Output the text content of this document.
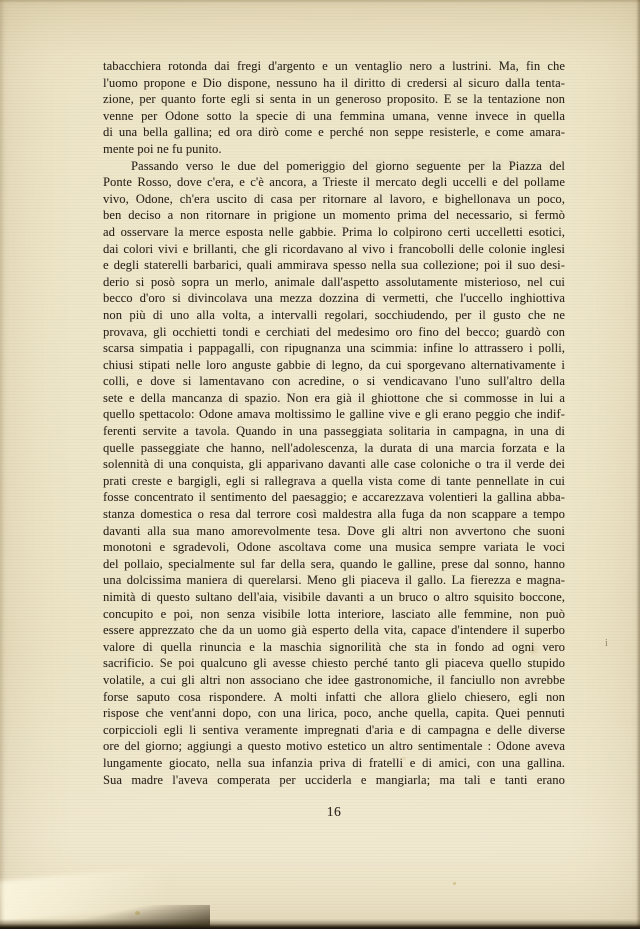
tabacchiera rotonda dai fregi d'argento e un ventaglio nero a lustrini. Ma, fin che
l'uomo propone e Dio dispone, nessuno ha il diritto di credersi al sicuro dalla tenta-
zione, per quanto forte egli si senta in un generoso proposito. E se la tentazione non
venne per Odone sotto la specie di una femmina umana, venne invece in quella
di una bella gallina; ed ora dirò come e perché non seppe resisterle, e come amara-
mente poi ne fu punito.
Passando verso le due del pomeriggio del giorno seguente per la Piazza del
Ponte Rosso, dove c'era, e c'è ancora, a Trieste il mercato degli uccelli e del pollame
vivo, Odone, ch'era uscito di casa per ritornare al lavoro, e bighellonava un poco,
ben deciso a non ritornare in prigione un momento prima del necessario, si fermò
ad osservare la merce esposta nelle gabbie. Prima lo colpirono certi uccelletti esotici,
dai colori vivi e brillanti, che gli ricordavano al vivo i francobolli delle colonie inglesi
e degli staterelli barbarici, quali ammirava spesso nella sua collezione; poi il suo desi-
derio si posò sopra un merlo, animale dall'aspetto assolutamente misterioso, nel cui
becco d'oro si divincolava una mezza dozzina di vermetti, che l'uccello inghiottiva
non più di uno alla volta, a intervalli regolari, socchiudendo, per il gusto che ne
provava, gli occhietti tondi e cerchiati del medesimo oro fino del becco; guardò con
scarsa simpatia i pappagalli, con ripugnanza una scimmia: infine lo attrassero i polli,
chiusi stipati nelle loro anguste gabbie di legno, da cui sporgevano alternativamente i
colli, e dove si lamentavano con acredine, o si vendicavano l'uno sull'altro della
sete e della mancanza di spazio. Non era già il ghiottone che si commosse in lui a
quello spettacolo: Odone amava moltissimo le galline vive e gli erano peggio che indif-
ferenti servite a tavola. Quando in una passeggiata solitaria in campagna, in una di
quelle passeggiate che hanno, nell'adolescenza, la durata di una marcia forzata e la
solennità di una conquista, gli apparivano davanti alle case coloniche o tra il verde dei
prati creste e bargigli, egli si rallegrava a quella vista come di tante pennellate in cui
fosse concentrato il sentimento del paesaggio; e accarezzava volentieri la gallina abba-
stanza domestica o resa dal terrore così maldestra alla fuga da non scappare a tempo
davanti alla sua mano amorevolmente tesa. Dove gli altri non avvertono che suoni
monotoni e sgradevoli, Odone ascoltava come una musica sempre variata le voci
del pollaio, specialmente sul far della sera, quando le galline, prese dal sonno, hanno
una dolcissima maniera di querelarsi. Meno gli piaceva il gallo. La fierezza e magna-
nimità di questo sultano dell'aia, visibile davanti a un bruco o altro squisito boccone,
concupito e poi, non senza visibile lotta interiore, lasciato alle femmine, non può
essere apprezzato che da un uomo già esperto della vita, capace d'intendere il superbo
valore di quella rinuncia e la maschia signorilità che sta in fondo ad ogni vero
sacrificio. Se poi qualcuno gli avesse chiesto perché tanto gli piaceva quello stupido
volatile, a cui gli altri non associano che idee gastronomiche, il fanciullo non avrebbe
forse saputo cosa rispondere. A molti infatti che allora glielo chiesero, egli non
rispose che vent'anni dopo, con una lirica, poco, anche quella, capita. Quei pennuti
corpiccioli egli li sentiva veramente impregnati d'aria e di campagna e delle diverse
ore del giorno; aggiungi a questo motivo estetico un altro sentimentale : Odone aveva
lungamente giocato, nella sua infanzia priva di fratelli e di amici, con una gallina.
Sua madre l'aveva comperata per ucciderla e mangiarla; ma tali e tanti erano
i
16
